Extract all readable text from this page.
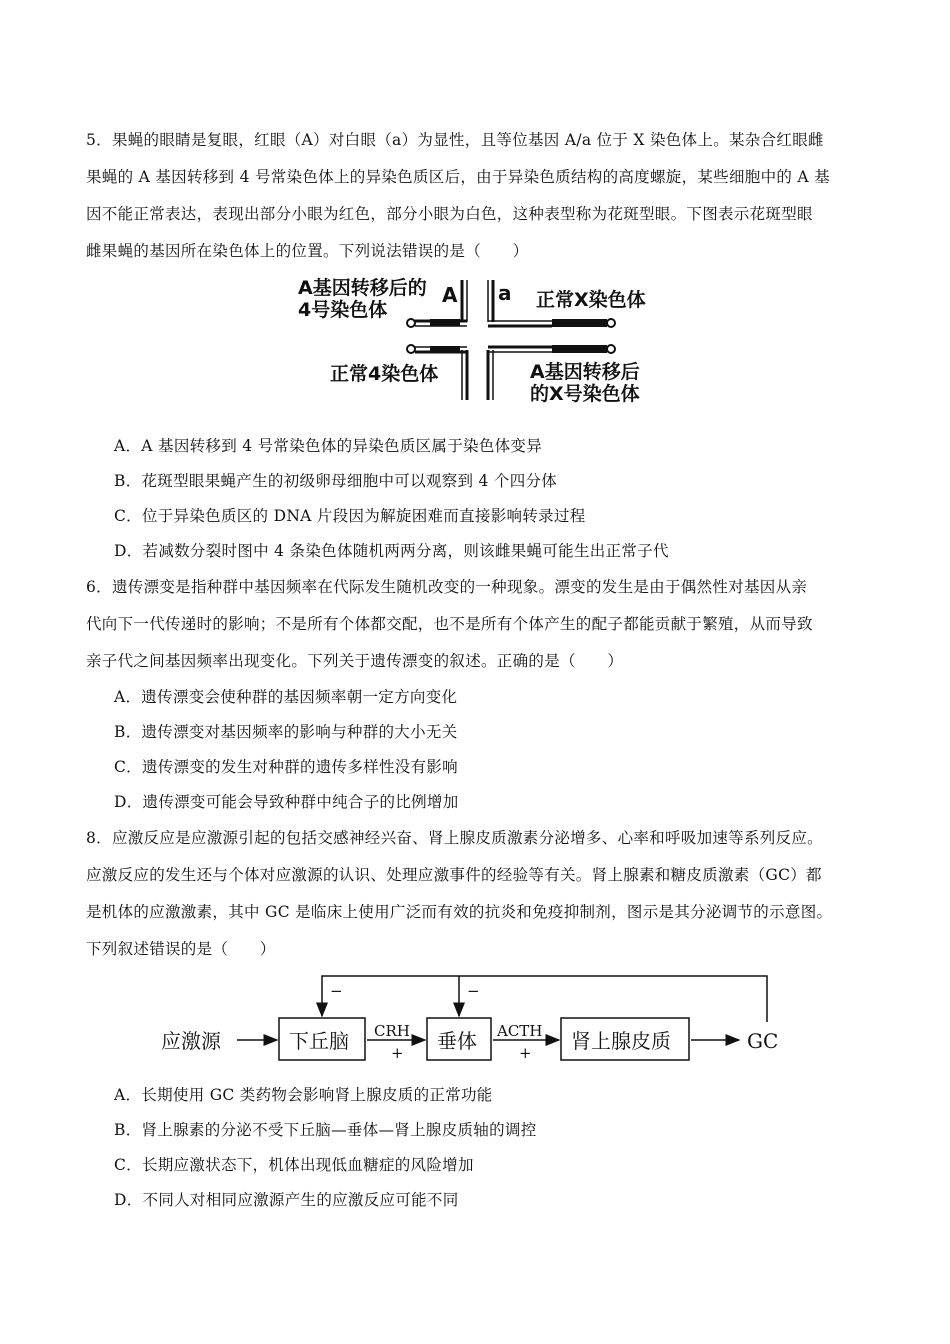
5．果蝇的眼睛是复眼，红眼（A）对白眼（a）为显性，且等位基因 A/a 位于 X 染色体上。某杂合红眼雌
果蝇的 A 基因转移到 4 号常染色体上的异染色质区后，由于异染色质结构的高度螺旋，某些细胞中的 A 基
因不能正常表达，表现出部分小眼为红色，部分小眼为白色，这种表型称为花斑型眼。下图表示花斑型眼
雌果蝇的基因所在染色体上的位置。下列说法错误的是（　　）
A基因转移后的
4号染色体
A a 正常X染色体
正常4染色体	A基因转移后
的X号染色体
A．A 基因转移到 4 号常染色体的异染色质区属于染色体变异
B．花斑型眼果蝇产生的初级卵母细胞中可以观察到 4 个四分体
C．位于异染色质区的 DNA 片段因为解旋困难而直接影响转录过程
D．若减数分裂时图中 4 条染色体随机两两分离，则该雌果蝇可能生出正常子代
6．遗传漂变是指种群中基因频率在代际发生随机改变的一种现象。漂变的发生是由于偶然性对基因从亲
代向下一代传递时的影响；不是所有个体都交配，也不是所有个体产生的配子都能贡献于繁殖，从而导致
亲子代之间基因频率出现变化。下列关于遗传漂变的叙述。正确的是（　　）
A．遗传漂变会使种群的基因频率朝一定方向变化
B．遗传漂变对基因频率的影响与种群的大小无关
C．遗传漂变的发生对种群的遗传多样性没有影响
D．遗传漂变可能会导致种群中纯合子的比例增加
8．应激反应是应激源引起的包括交感神经兴奋、肾上腺皮质激素分泌增多、心率和呼吸加速等系列反应。
应激反应的发生还与个体对应激源的认识、处理应激事件的经验等有关。肾上腺素和糖皮质激素（GC）都
是机体的应激激素，其中 GC 是临床上使用广泛而有效的抗炎和免疫抑制剂，图示是其分泌调节的示意图。
下列叙述错误的是（　　）
应激源	下丘脑 CRH
+ 垂体 ACTH
+ 肾上腺皮质	GC
−	−
A．长期使用 GC 类药物会影响肾上腺皮质的正常功能
B．肾上腺素的分泌不受下丘脑—垂体—肾上腺皮质轴的调控
C．长期应激状态下，机体出现低血糖症的风险增加
D．不同人对相同应激源产生的应激反应可能不同
